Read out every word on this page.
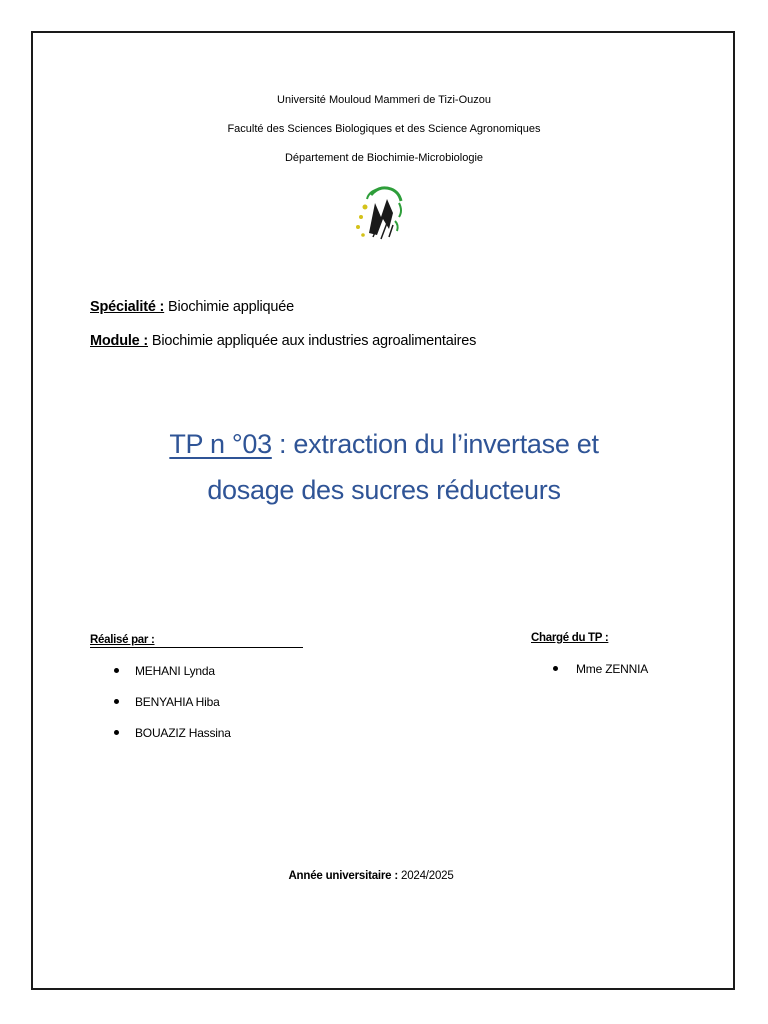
Université Mouloud Mammeri de Tizi-Ouzou
Faculté des Sciences Biologiques et des Science Agronomiques
Département de Biochimie-Microbiologie
Spécialité : Biochimie appliquée
Module : Biochimie appliquée aux industries agroalimentaires
TP n °03 : extraction du l’invertase et
dosage des sucres réducteurs
Réalisé par :
MEHANI Lynda
BENYAHIA Hiba
BOUAZIZ Hassina
Chargé du TP :
Mme ZENNIA
Année universitaire : 2024/2025
